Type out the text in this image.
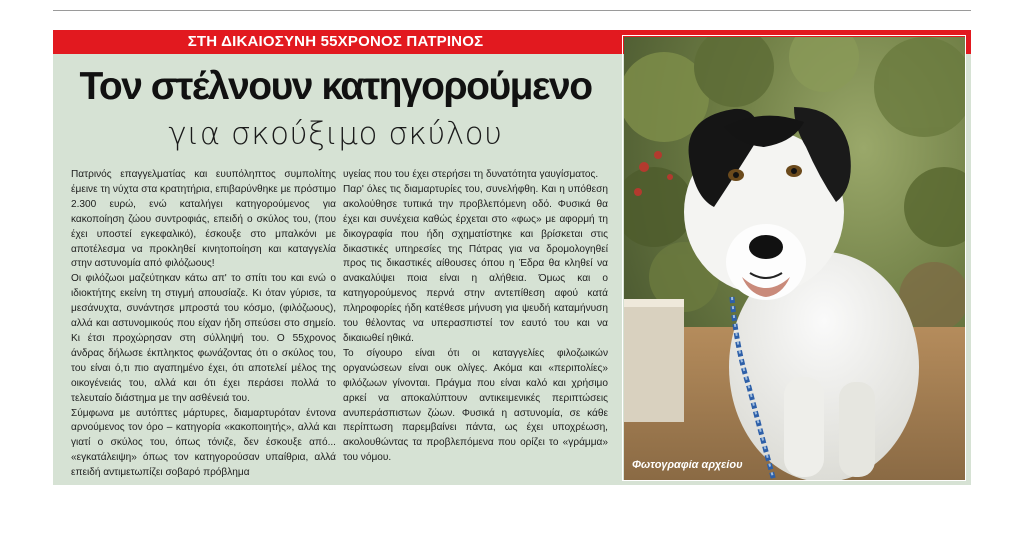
ΣΤΗ ΔΙΚΑΙΟΣΥΝΗ 55ΧΡΟΝΟΣ ΠΑΤΡΙΝΟΣ
Τον στέλνουν κατηγορούμενο
για σκούξιμο σκύλου

Πατρινός επαγγελματίας και ευυπόληπτος συμπολίτης έμεινε τη νύχτα στα κρατητήρια, επιβαρύνθηκε με πρόστιμο 2.300 ευρώ, ενώ καταλήγει κατηγορούμενος για κακοποίηση ζώου συντροφιάς, επειδή ο σκύλος του, (που έχει υποστεί εγκεφαλικό), έσκουξε στο μπαλκόνι με αποτέλεσμα να προκληθεί κινητοποίηση και καταγγελία στην αστυνομία από φιλόζωους!

Οι φιλόζωοι μαζεύτηκαν κάτω απ' το σπίτι του και ενώ ο ιδιοκτήτης εκείνη τη στιγμή απουσίαζε. Κι όταν γύρισε, τα μεσάνυχτα, συνάντησε μπροστά του κόσμο, (φιλόζωους), αλλά και αστυνομικούς που είχαν ήδη σπεύσει στο σημείο. Κι έτσι προχώρησαν στη σύλληψή του. Ο 55χρονος άνδρας δήλωσε έκπληκτος φωνάζοντας ότι ο σκύλος του, του είναι ό,τι πιο αγαπημένο έχει, ότι αποτελεί μέλος της οικογένειάς του, αλλά και ότι έχει περάσει πολλά το τελευταίο διάστημα με την ασθένειά του.

Σύμφωνα με αυτόπτες μάρτυρες, διαμαρτυρόταν έντονα αρνούμενος τον όρο – κατηγορία «κακοποιητής», αλλά και γιατί ο σκύλος του, όπως τόνιζε, δεν έσκουξε από... «εγκατάλειψη» όπως τον κατηγορούσαν υπαίθρια, αλλά επειδή αντιμετωπίζει σοβαρό πρόβλημα

υγείας που του έχει στερήσει τη δυνατότητα γαυγίσματος.

Παρ' όλες τις διαμαρτυρίες του, συνελήφθη. Και η υπόθεση ακολούθησε τυπικά την προβλεπόμενη οδό. Φυσικά θα έχει και συνέχεια καθώς έρχεται στο «φως» με αφορμή τη δικογραφία που ήδη σχηματίστηκε και βρίσκεται στις δικαστικές υπηρεσίες της Πάτρας για να δρομολογηθεί προς τις δικαστικές αίθουσες όπου η Έδρα θα κληθεί να ανακαλύψει ποια είναι η αλήθεια. Όμως και ο κατηγορούμενος περνά στην αντεπίθεση αφού κατά πληροφορίες ήδη κατέθεσε μήνυση για ψευδή καταμήνυση του θέλοντας να υπερασπιστεί τον εαυτό του και να δικαιωθεί ηθικά.

Το σίγουρο είναι ότι οι καταγγελίες φιλοζωικών οργανώσεων είναι ουκ ολίγες. Ακόμα και «περιπολίες» φιλόζωων γίνονται. Πράγμα που είναι καλό και χρήσιμο αρκεί να αποκαλύπτουν αντικειμενικές περιπτώσεις ανυπεράσπιστων ζώων. Φυσικά η αστυνομία, σε κάθε περίπτωση παρεμβαίνει πάντα, ως έχει υποχρέωση, ακολουθώντας τα προβλεπόμενα που ορίζει το «γράμμα» του νόμου.

Φωτογραφία αρχείου
